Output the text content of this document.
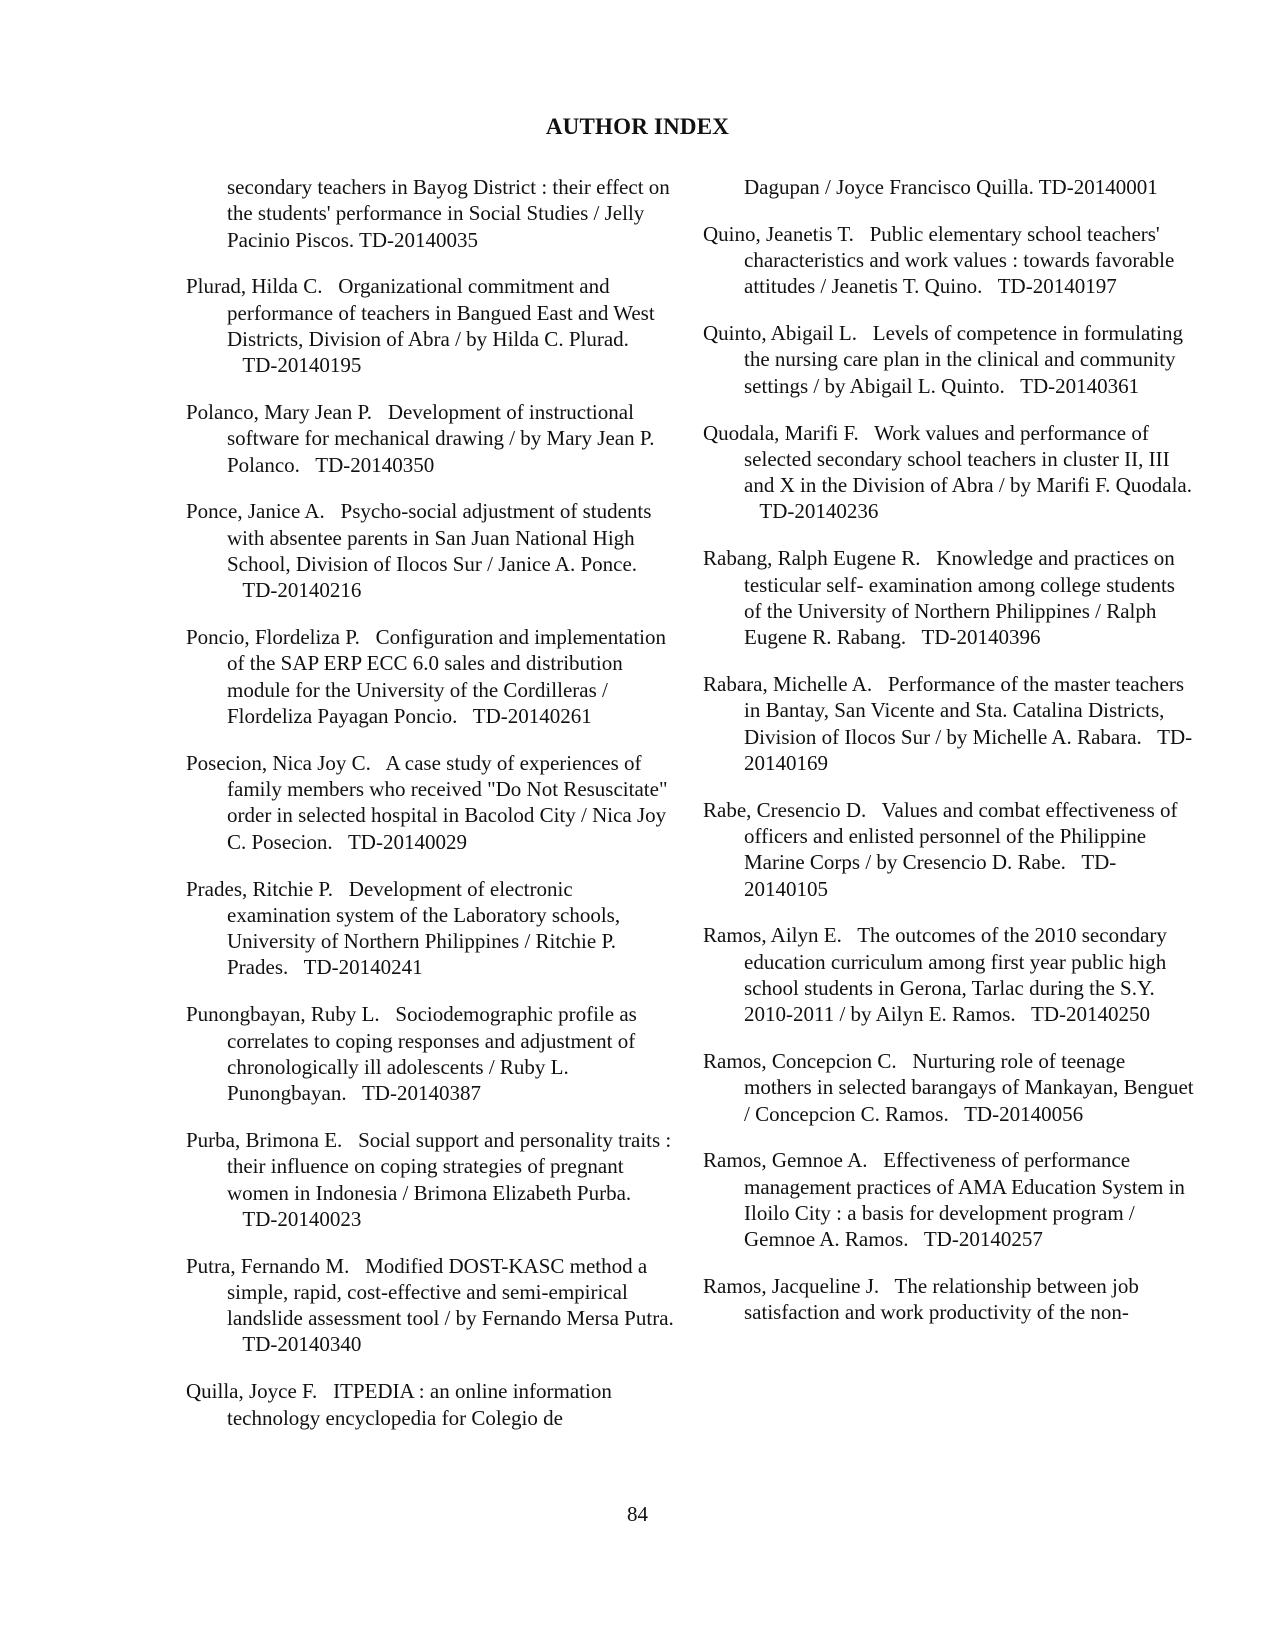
AUTHOR INDEX

secondary teachers in Bayog District : their effect on the students' performance in Social Studies / Jelly Pacinio Piscos. TD-20140035

Plurad, Hilda C. Organizational commitment and performance of teachers in Bangued East and West Districts, Division of Abra / by Hilda C. Plurad.   TD-20140195

Polanco, Mary Jean P. Development of instructional software for mechanical drawing / by Mary Jean P. Polanco. TD-20140350

Ponce, Janice A. Psycho-social adjustment of students with absentee parents in San Juan National High School, Division of Ilocos Sur / Janice A. Ponce.   TD-20140216

Poncio, Flordeliza P. Configuration and implementation of the SAP ERP ECC 6.0 sales and distribution module for the University of the Cordilleras / Flordeliza Payagan Poncio. TD-20140261

Posecion, Nica Joy C. A case study of experiences of family members who received "Do Not Resuscitate" order in selected hospital in Bacolod City / Nica Joy C. Posecion. TD-20140029

Prades, Ritchie P. Development of electronic examination system of the Laboratory schools, University of Northern Philippines / Ritchie P. Prades. TD-20140241

Punongbayan, Ruby L. Sociodemographic profile as correlates to coping responses and adjustment of chronologically ill adolescents / Ruby L. Punongbayan. TD-20140387

Purba, Brimona E. Social support and personality traits : their influence on coping strategies of pregnant women in Indonesia / Brimona Elizabeth Purba.   TD-20140023

Putra, Fernando M. Modified DOST-KASC method a simple, rapid, cost-effective and semi-empirical landslide assessment tool / by Fernando Mersa Putra.   TD-20140340

Quilla, Joyce F. ITPEDIA : an online information technology encyclopedia for Colegio de

Dagupan / Joyce Francisco Quilla. TD-20140001

Quino, Jeanetis T. Public elementary school teachers' characteristics and work values : towards favorable attitudes / Jeanetis T. Quino. TD-20140197

Quinto, Abigail L. Levels of competence in formulating the nursing care plan in the clinical and community settings / by Abigail L. Quinto. TD-20140361

Quodala, Marifi F. Work values and performance of selected secondary school teachers in cluster II, III and X in the Division of Abra / by Marifi F. Quodala.   TD-20140236

Rabang, Ralph Eugene R. Knowledge and practices on testicular self- examination among college students of the University of Northern Philippines / Ralph Eugene R. Rabang. TD-20140396

Rabara, Michelle A. Performance of the master teachers in Bantay, San Vicente and Sta. Catalina Districts, Division of Ilocos Sur / by Michelle A. Rabara. TD-20140169

Rabe, Cresencio D. Values and combat effectiveness of officers and enlisted personnel of the Philippine Marine Corps / by Cresencio D. Rabe. TD-20140105

Ramos, Ailyn E. The outcomes of the 2010 secondary education curriculum among first year public high school students in Gerona, Tarlac during the S.Y. 2010-2011 / by Ailyn E. Ramos. TD-20140250

Ramos, Concepcion C. Nurturing role of teenage mothers in selected barangays of Mankayan, Benguet / Concepcion C. Ramos. TD-20140056

Ramos, Gemnoe A. Effectiveness of performance management practices of AMA Education System in Iloilo City : a basis for development program / Gemnoe A. Ramos. TD-20140257

Ramos, Jacqueline J. The relationship between job satisfaction and work productivity of the non-

84
